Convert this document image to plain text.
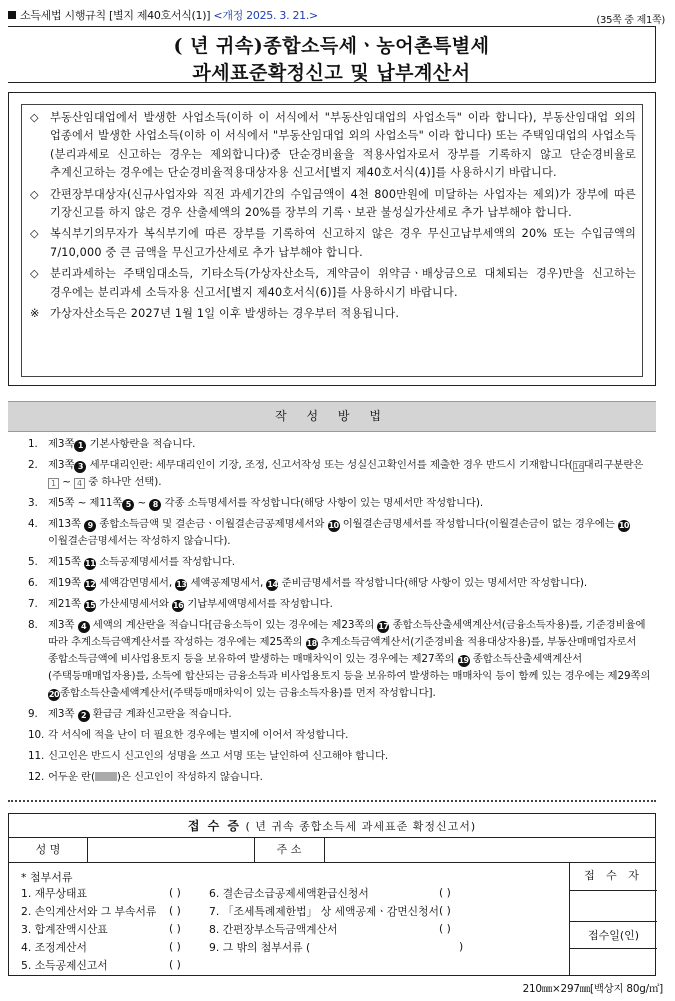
소득세법 시행규칙 [별지 제40호서식(1)] <개정 2025. 3. 21.>	(35쪽 중 제1쪽)
( 년 귀속)종합소득세ㆍ농어촌특별세
과세표준확정신고 및 납부계산서
◇ 부동산임대업에서 발생한 사업소득(이하 이 서식에서 "부동산임대업의 사업소득" 이라 합니다), 부동산임대업 외의 업종에서 발생한 사업소득(이하 이 서식에서 "부동산임대업 외의 사업소득" 이라 합니다) 또는 주택임대업의 사업소득(분리과세로 신고하는 경우는 제외합니다)중 단순경비율을 적용사업자로서 장부를 기록하지 않고 단순경비율로 추계신고하는 경우에는 단순경비율적용대상자용 신고서[별지 제40호서식(4)]를 사용하시기 바랍니다.
◇ 간편장부대상자(신규사업자와 직전 과세기간의 수입금액이 4천 800만원에 미달하는 사업자는 제외)가 장부에 따른 기장신고를 하지 않은 경우 산출세액의 20%를 장부의 기록ㆍ보관 불성실가산세로 추가 납부해야 합니다.
◇ 복식부기의무자가 복식부기에 따른 장부를 기록하여 신고하지 않은 경우 무신고납부세액의 20% 또는 수입금액의 7/10,000 중 큰 금액을 무신고가산세로 추가 납부해야 합니다.
◇ 분리과세하는 주택임대소득, 기타소득(가상자산소득, 계약금이 위약금ㆍ배상금으로 대체되는 경우)만을 신고하는 경우에는 분리과세 소득자용 신고서[별지 제40호서식(6)]를 사용하시기 바랍니다.
※ 가상자산소득은 2027년 1월 1일 이후 발생하는 경우부터 적용됩니다.
작 성 방 법
1. 제3쪽 1 기본사항란을 적습니다.
2. 제3쪽 3 세무대리인란: 세무대리인이 기장, 조정, 신고서작성 또는 성실신고확인서를 제출한 경우 반드시 기재합니다(16대리구분란은 1 ~ 4 중 하나만 선택).
3. 제5쪽 ~ 제11쪽 5 ~ 8 각종 소득명세서를 작성합니다(해당 사항이 있는 명세서만 작성합니다).
4. 제13쪽 9 종합소득금액 및 결손금ㆍ이월결손금공제명세서와 10 이월결손금명세서를 작성합니다(이월결손금이 없는 경우에는 10 이월결손금명세서는 작성하지 않습니다).
5. 제15쪽 11 소득공제명세서를 작성합니다.
6. 제19쪽 12 세액감면명세서, 13 세액공제명세서, 14 준비금명세서를 작성합니다(해당 사항이 있는 명세서만 작성합니다).
7. 제21쪽 15 가산세명세서와 16 기납부세액명세서를 작성합니다.
8. 제3쪽 4 세액의 계산란을 적습니다[금융소득이 있는 경우에는 제23쪽의 17 종합소득산출세액계산서(금융소득자용)를, 기준경비율에 따라 추계소득금액계산서를 작성하는 경우에는 제25쪽의 18 추계소득금액계산서(기준경비율 적용대상자용)를, 부동산매매업자로서 종합소득금액에 비사업용토지 등을 보유하여 발생하는 매매차익이 있는 경우에는 제27쪽의 19 종합소득산출세액계산서(주택등매매업자용)를, 소득에 합산되는 금융소득과 비사업용토지 등을 보유하여 발생하는 매매차익 등이 함께 있는 경우에는 제29쪽의 20종합소득산출세액계산서(주택등매매차익이 있는 금융소득자용)를 먼저 작성합니다].
9. 제3쪽 2 환급금 계좌신고란을 적습니다.
10. 각 서식에 적을 난이 더 필요한 경우에는 별지에 이어서 작성합니다.
11. 신고인은 반드시 신고인의 성명을 쓰고 서명 또는 날인하여 신고해야 합니다.
12. 어두운 란( )은 신고인이 작성하지 않습니다.
접 수 증 ( 년 귀속 종합소득세 과세표준 확정신고서)
성 명	주 소
* 첨부서류	접 수 자
접수일(인)
1. 재무상태표	( )
2. 손익계산서와 그 부속서류 ( )
3. 합계잔액시산표	( )
4. 조정계산서	( )
5. 소득공제신고서	( )
6. 결손금소급공제세액환급신청서	( )
7. 「조세특례제한법」 상 세액공제ㆍ감면신청서 ( )
8. 간편장부소득금액계산서	( )
9. 그 밖의 첨부서류 (	)
210㎜×297㎜[백상지 80g/㎡]
